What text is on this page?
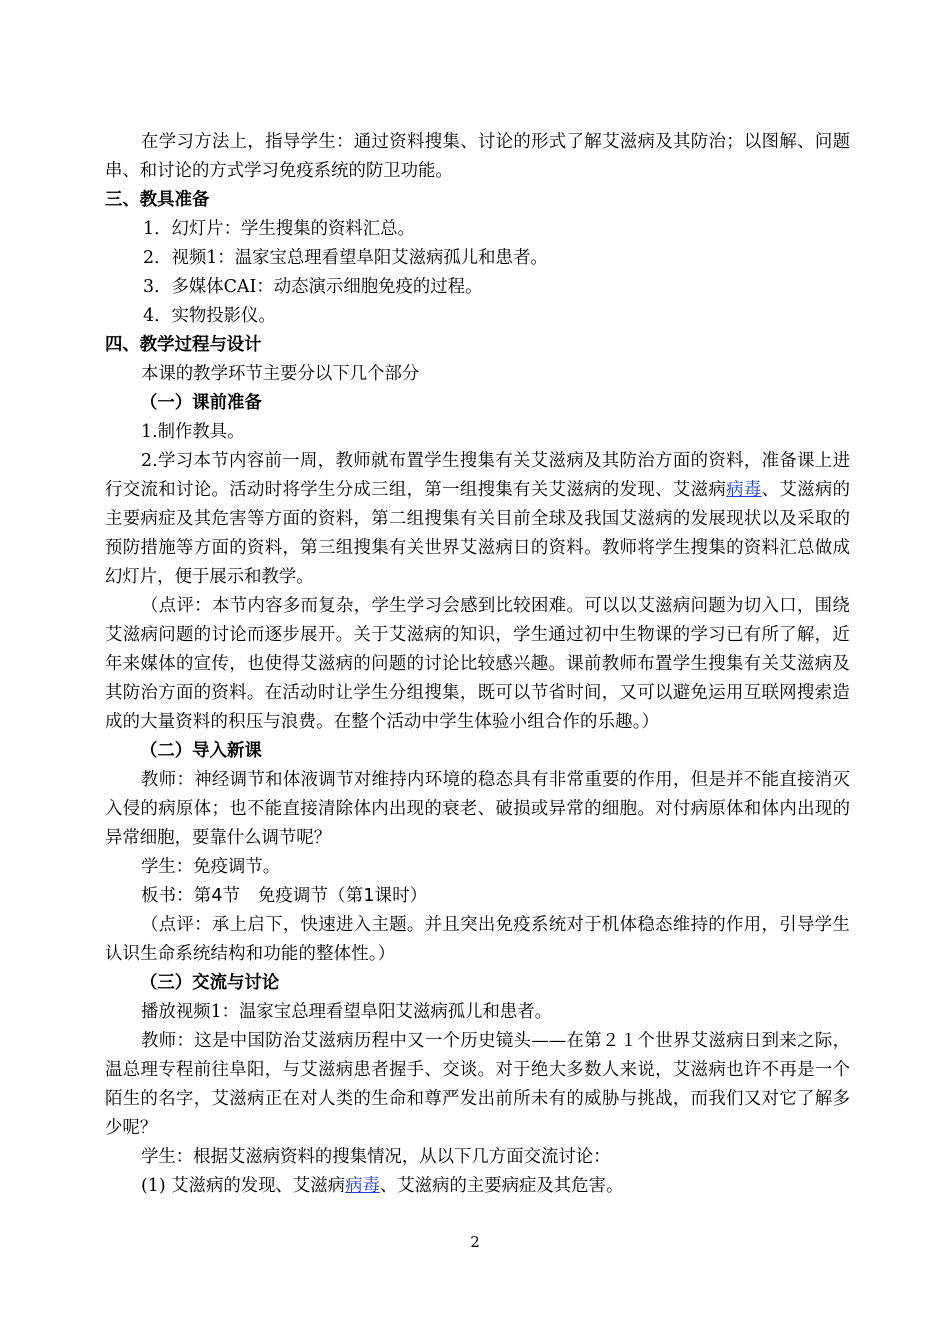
在学习方法上，指导学生：通过资料搜集、讨论的形式了解艾滋病及其防治；以图解、问题串、和讨论的方式学习免疫系统的防卫功能。

三、教具准备

1．幻灯片：学生搜集的资料汇总。

2．视频1：温家宝总理看望阜阳艾滋病孤儿和患者。

3．多媒体CAI：动态演示细胞免疫的过程。

4．实物投影仪。

四、教学过程与设计

本课的教学环节主要分以下几个部分

（一）课前准备

1.制作教具。

2.学习本节内容前一周，教师就布置学生搜集有关艾滋病及其防治方面的资料，准备课上进行交流和讨论。活动时将学生分成三组，第一组搜集有关艾滋病的发现、艾滋病病毒、艾滋病的主要病症及其危害等方面的资料，第二组搜集有关目前全球及我国艾滋病的发展现状以及采取的预防措施等方面的资料，第三组搜集有关世界艾滋病日的资料。教师将学生搜集的资料汇总做成幻灯片，便于展示和教学。

（点评：本节内容多而复杂，学生学习会感到比较困难。可以以艾滋病问题为切入口，围绕艾滋病问题的讨论而逐步展开。关于艾滋病的知识，学生通过初中生物课的学习已有所了解，近年来媒体的宣传，也使得艾滋病的问题的讨论比较感兴趣。课前教师布置学生搜集有关艾滋病及其防治方面的资料。在活动时让学生分组搜集，既可以节省时间，又可以避免运用互联网搜索造成的大量资料的积压与浪费。在整个活动中学生体验小组合作的乐趣。）

（二）导入新课

教师：神经调节和体液调节对维持内环境的稳态具有非常重要的作用，但是并不能直接消灭入侵的病原体；也不能直接清除体内出现的衰老、破损或异常的细胞。对付病原体和体内出现的异常细胞，要靠什么调节呢？

学生：免疫调节。

板书：第4节　免疫调节（第1课时）

（点评：承上启下，快速进入主题。并且突出免疫系统对于机体稳态维持的作用，引导学生认识生命系统结构和功能的整体性。）

（三）交流与讨论

播放视频1：温家宝总理看望阜阳艾滋病孤儿和患者。

教师：这是中国防治艾滋病历程中又一个历史镜头——在第２１个世界艾滋病日到来之际，温总理专程前往阜阳，与艾滋病患者握手、交谈。对于绝大多数人来说，艾滋病也许不再是一个陌生的名字，艾滋病正在对人类的生命和尊严发出前所未有的威胁与挑战，而我们又对它了解多少呢？

学生：根据艾滋病资料的搜集情况，从以下几方面交流讨论：

(1) 艾滋病的发现、艾滋病病毒、艾滋病的主要病症及其危害。

2
